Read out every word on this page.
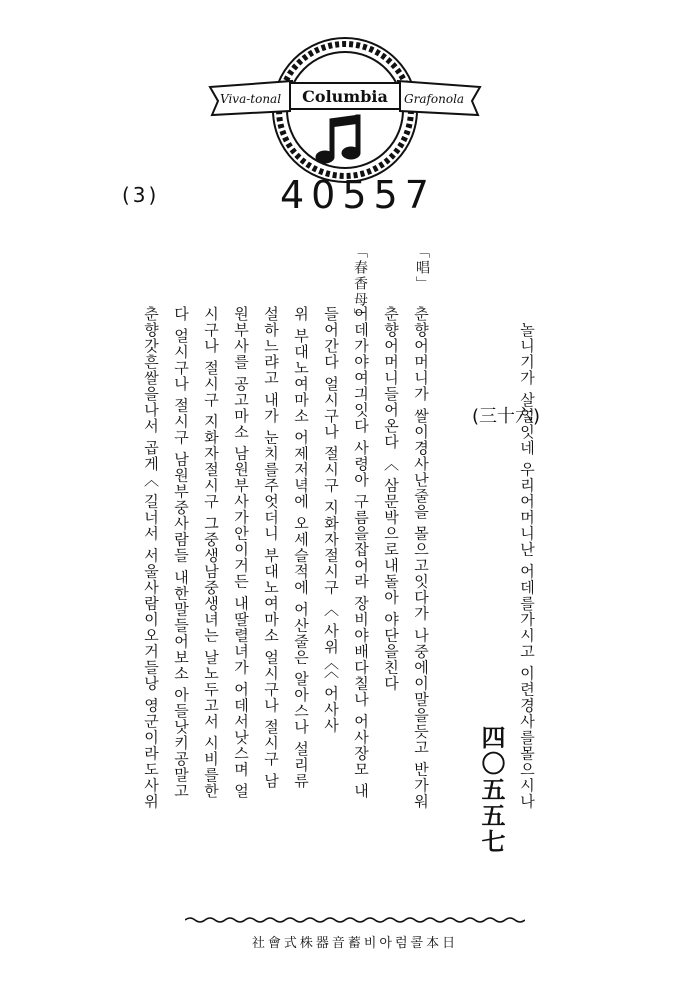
Viva-tonal	Grafonola
Columbia
(3)	40557
(三十六)
四〇五五七
「唱」
「春香母」
놀니기가 살일잇네 우리어머니난 어데를가시고 이련경사를몰으시나
춘향어머니가 쌀이경사난줄을 몰으고잇다가 나중에이말을듯고 반가워
춘향어머니들어온다 〈 삼문박으로내돌아 야단을친다
어데가야여긔잇다 사령아 구름을잡어라 장비야배다칠나 어사장모 내
들어간다 얼시구나 절시구 지화자절시구 〈 사위〈〈 어사사
위 부대노여마소 어제저녁에 오세슬적에 어산줄은 알아스나 설리류
설하느랴고 내가 눈치를주엇더니 부대노여마소 얼시구나 절시구 남
원부사를 공고마소 남원부사가안이거든 내딸렬녀가 어데서낫스며 얼
시구나 절시구 지화자절시구 그중생남중생녀는 날노두고서 시비를한
다 얼시구나 절시구 남원부중사람들 내한말들어보소 아들낫키공말고
춘향갓흔쌀을나서 곱게〈 길너서 서울사람이오거들낭 영군이라도사위
社會式株器音蓄비아럼콜本日
